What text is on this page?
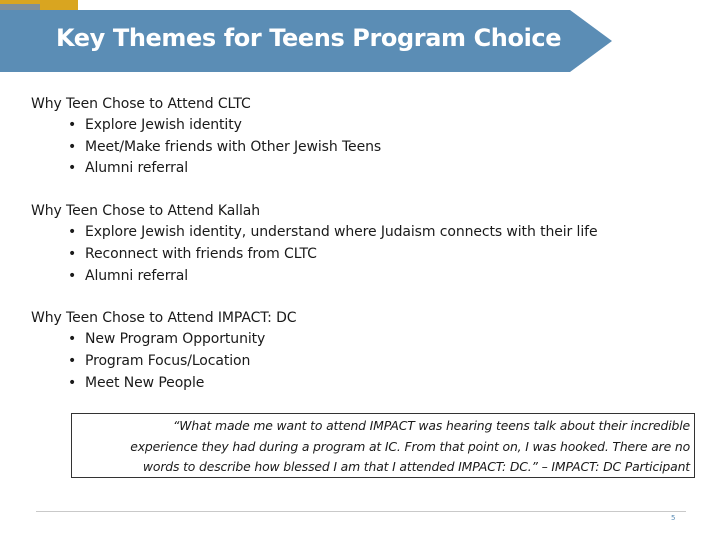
Key Themes for Teens Program Choice
Why Teen Chose to Attend CLTC
• Explore Jewish identity
• Meet/Make friends with Other Jewish Teens
• Alumni referral
Why Teen Chose to Attend Kallah
• Explore Jewish identity, understand where Judaism connects with their life
• Reconnect with friends from CLTC
• Alumni referral
Why Teen Chose to Attend IMPACT: DC
• New Program Opportunity
• Program Focus/Location
• Meet New People
“What made me want to attend IMPACT was hearing teens talk about their incredible
experience they had during a program at IC. From that point on, I was hooked. There are no
words to describe how blessed I am that I attended IMPACT: DC.” – IMPACT: DC Participant
5
